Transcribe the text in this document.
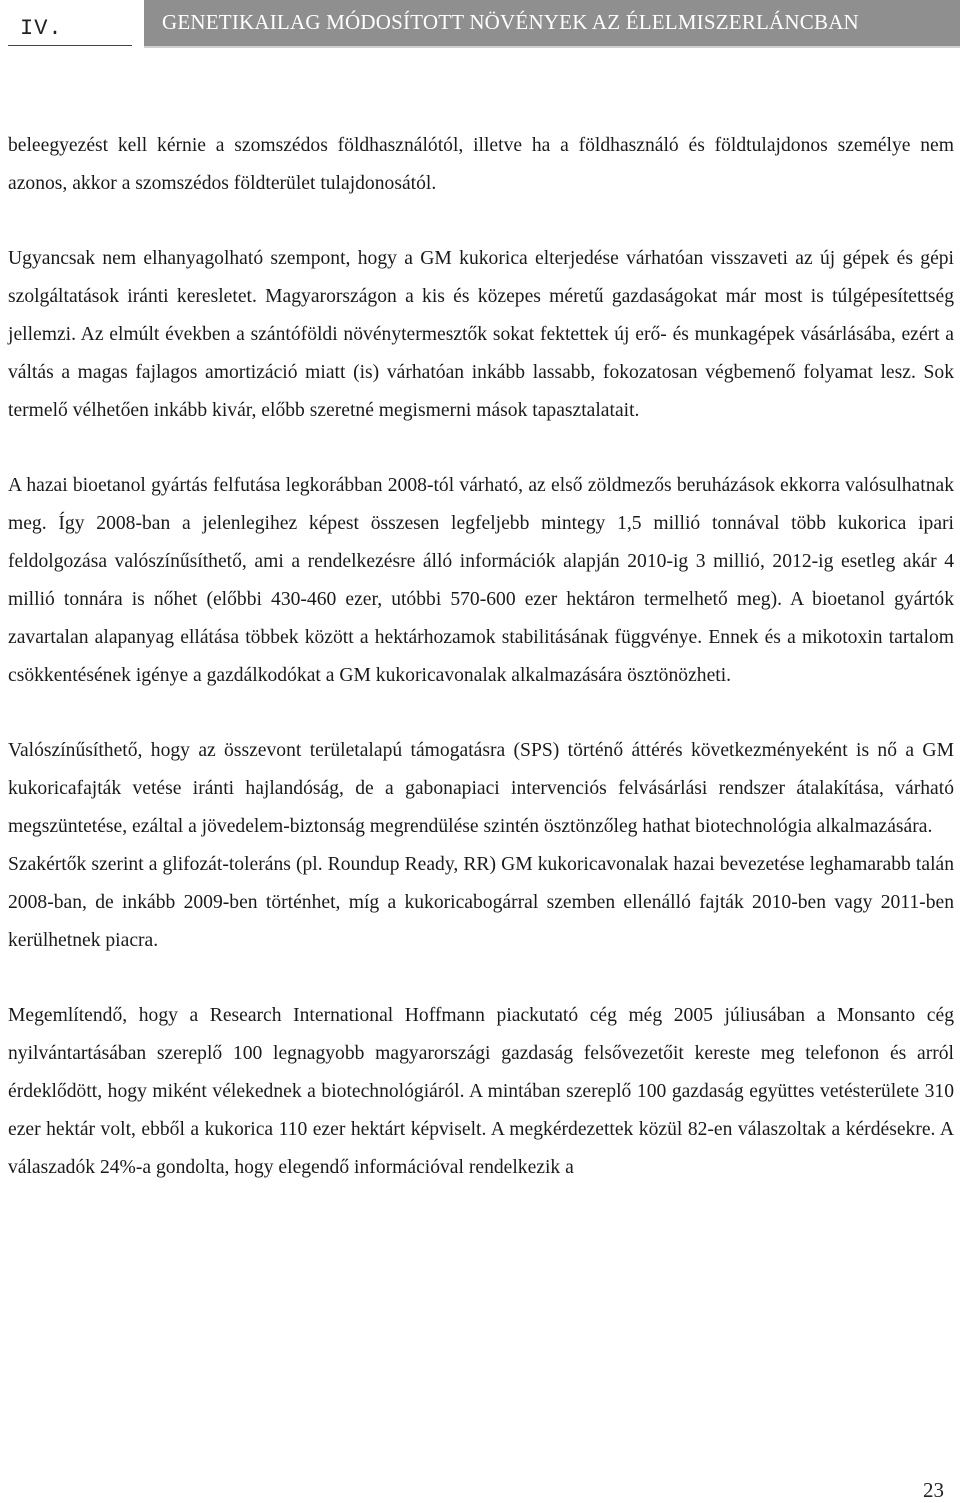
IV.	GENETIKAILAG MÓDOSÍTOTT NÖVÉNYEK AZ ÉLELMISZERLÁNCBAN

beleegyezést kell kérnie a szomszédos földhasználótól, illetve ha a földhasználó és földtulajdonos személye nem azonos, akkor a szomszédos földterület tulajdonosától.

Ugyancsak nem elhanyagolható szempont, hogy a GM kukorica elterjedése várhatóan visszaveti az új gépek és gépi szolgáltatások iránti keresletet. Magyarországon a kis és közepes méretű gazdaságokat már most is túlgépesítettség jellemzi. Az elmúlt években a szántóföldi növénytermesztők sokat fektettek új erő- és munkagépek vásárlásába, ezért a váltás a magas fajlagos amortizáció miatt (is) várhatóan inkább lassabb, fokozatosan végbemenő folyamat lesz. Sok termelő vélhetően inkább kivár, előbb szeretné megismerni mások tapasztalatait.

A hazai bioetanol gyártás felfutása legkorábban 2008-tól várható, az első zöldmezős beruházások ekkorra valósulhatnak meg. Így 2008-ban a jelenlegihez képest összesen legfeljebb mintegy 1,5 millió tonnával több kukorica ipari feldolgozása valószínűsíthető, ami a rendelkezésre álló információk alapján 2010-ig 3 millió, 2012-ig esetleg akár 4 millió tonnára is nőhet (előbbi 430-460 ezer, utóbbi 570-600 ezer hektáron termelhető meg). A bioetanol gyártók zavartalan alapanyag ellátása többek között a hektárhozamok stabilitásának függvénye. Ennek és a mikotoxin tartalom csökkentésének igénye a gazdálkodókat a GM kukoricavonalak alkalmazására ösztönözheti.

Valószínűsíthető, hogy az összevont területalapú támogatásra (SPS) történő áttérés következményeként is nő a GM kukoricafajták vetése iránti hajlandóság, de a gabonapiaci intervenciós felvásárlási rendszer átalakítása, várható megszüntetése, ezáltal a jövedelem-biztonság megrendülése szintén ösztönzőleg hathat biotechnológia alkalmazására.

Szakértők szerint a glifozát-toleráns (pl. Roundup Ready, RR) GM kukoricavonalak hazai bevezetése leghamarabb talán 2008-ban, de inkább 2009-ben történhet, míg a kukoricabogárral szemben ellenálló fajták 2010-ben vagy 2011-ben kerülhetnek piacra.

Megemlítendő, hogy a Research International Hoffmann piackutató cég még 2005 júliusában a Monsanto cég nyilvántartásában szereplő 100 legnagyobb magyarországi gazdaság felsővezetőit kereste meg telefonon és arról érdeklődött, hogy miként vélekednek a biotechnológiáról. A mintában szereplő 100 gazdaság együttes vetésterülete 310 ezer hektár volt, ebből a kukorica 110 ezer hektárt képviselt. A megkérdezettek közül 82-en válaszoltak a kérdésekre. A válaszadók 24%-a gondolta, hogy elegendő információval rendelkezik a

23
